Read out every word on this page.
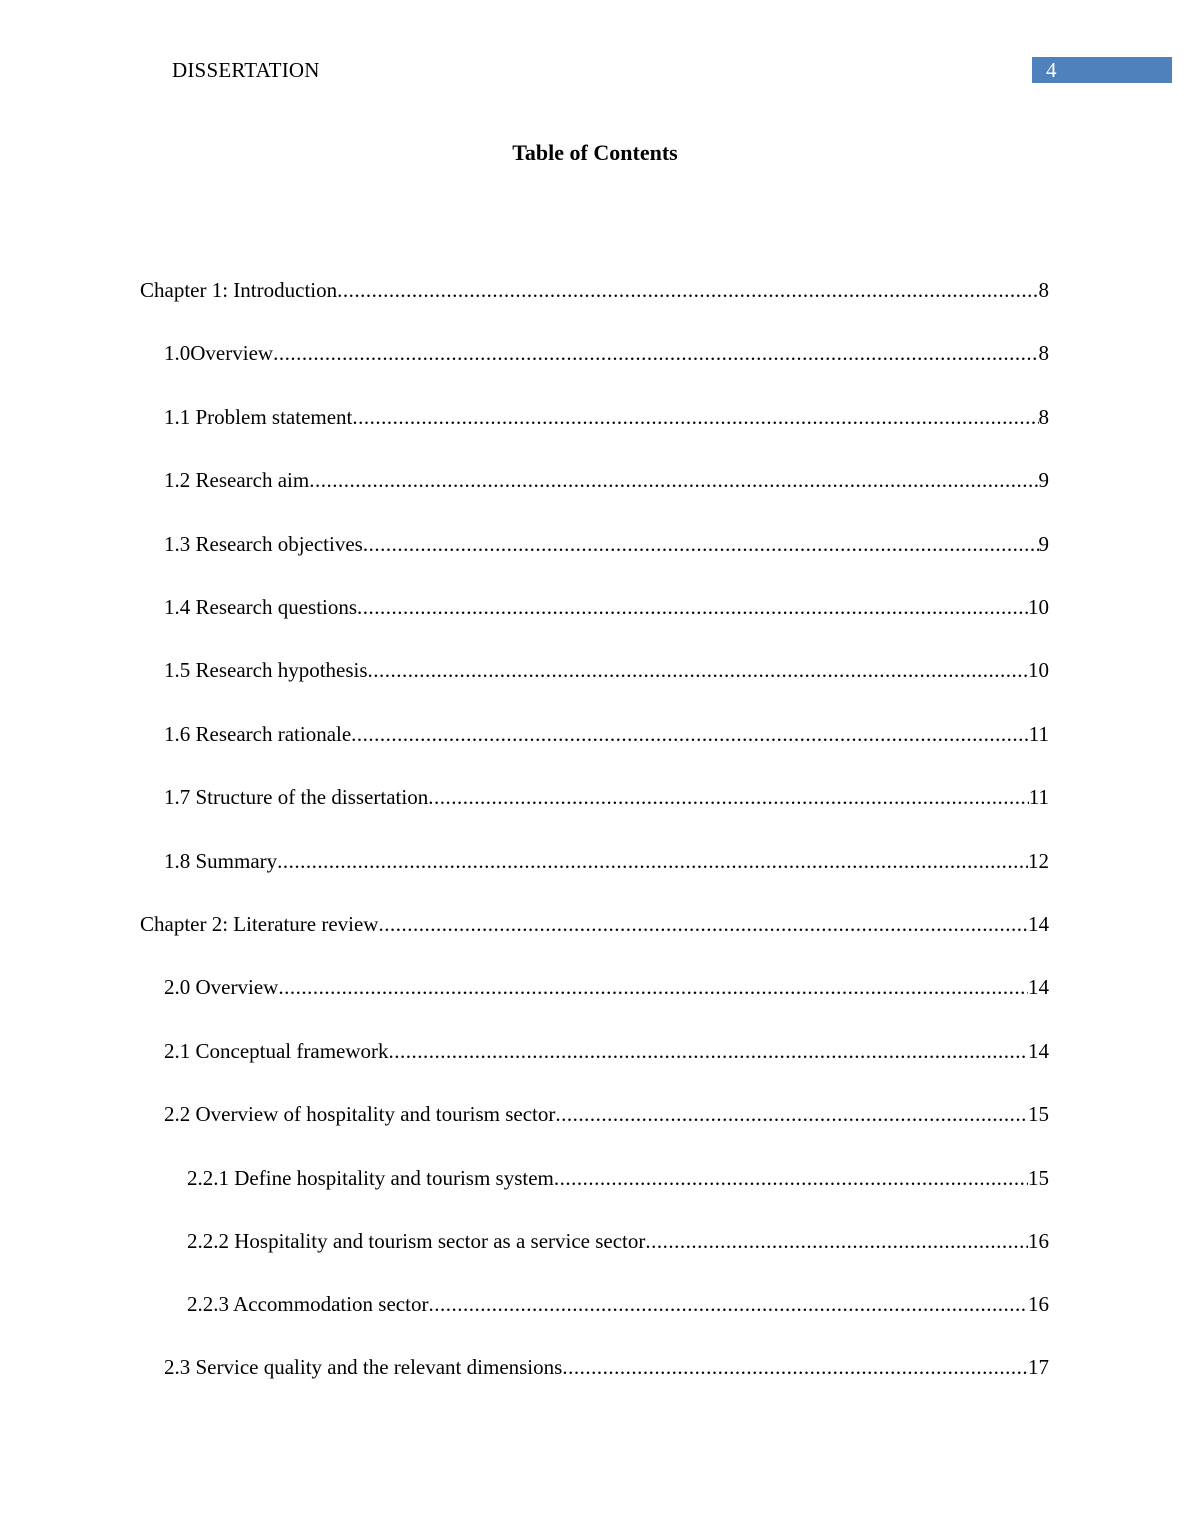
DISSERTATION	4
Table of Contents
Chapter 1: Introduction .....	8
1.0 Overview .....	8
1.1 Problem statement .....	8
1.2 Research aim .....	9
1.3 Research objectives .....	9
1.4 Research questions .....	10
1.5 Research hypothesis .....	10
1.6 Research rationale .....	11
1.7 Structure of the dissertation .....	11
1.8 Summary .....	12
Chapter 2: Literature review .....	14
2.0 Overview .....	14
2.1 Conceptual framework .....	14
2.2 Overview of hospitality and tourism sector .....	15
2.2.1 Define hospitality and tourism system .....	15
2.2.2 Hospitality and tourism sector as a service sector .....	16
2.2.3 Accommodation sector .....	16
2.3 Service quality and the relevant dimensions .....	17
